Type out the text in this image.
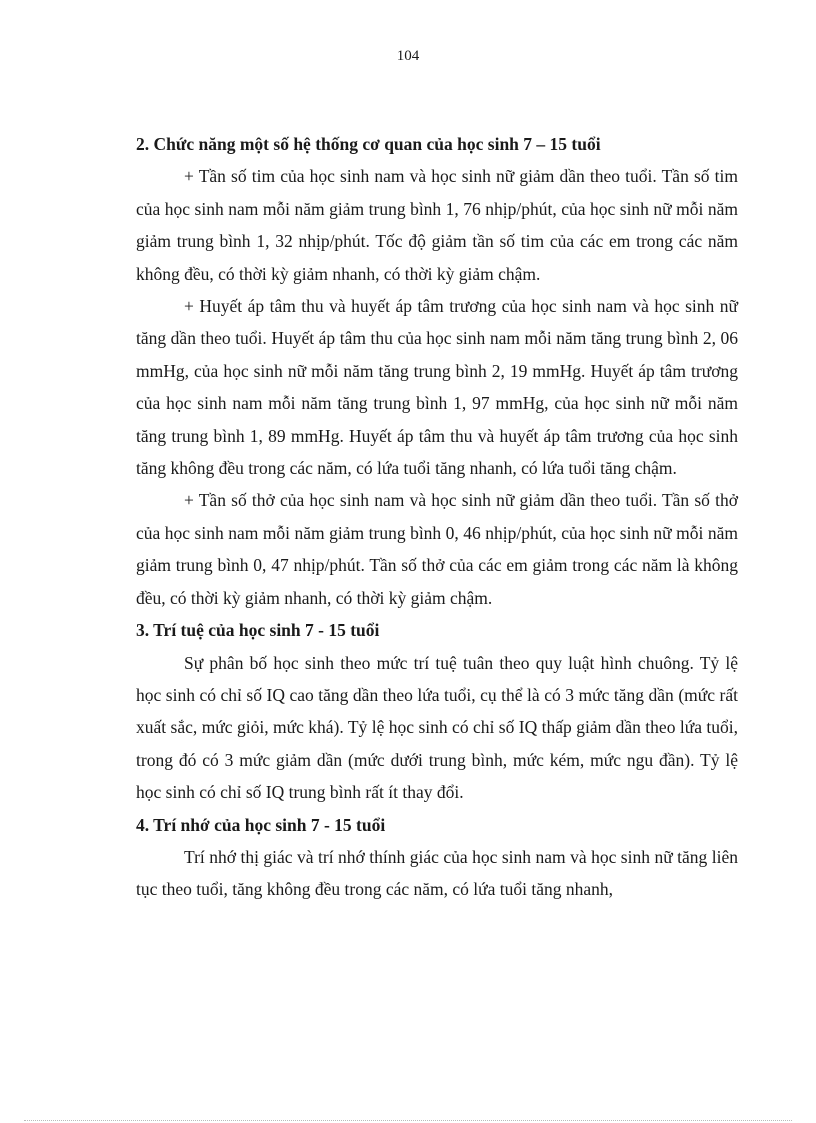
104

2. Chức năng một số hệ thống cơ quan của học sinh 7 – 15 tuổi

+ Tần số tim của học sinh nam và học sinh nữ giảm dần theo tuổi. Tần số tim của học sinh nam mỗi năm giảm trung bình 1, 76 nhịp/phút, của học sinh nữ mỗi năm giảm trung bình 1, 32 nhịp/phút. Tốc độ giảm tần số tim của các em trong các năm không đều, có thời kỳ giảm nhanh, có thời kỳ giảm chậm.

+ Huyết áp tâm thu và huyết áp tâm trương của học sinh nam và học sinh nữ tăng dần theo tuổi. Huyết áp tâm thu của học sinh nam mỗi năm tăng trung bình 2, 06 mmHg, của học sinh nữ mỗi năm tăng trung bình 2, 19 mmHg. Huyết áp tâm trương của học sinh nam mỗi năm tăng trung bình 1, 97 mmHg, của học sinh nữ mỗi năm tăng trung bình 1, 89 mmHg. Huyết áp tâm thu và huyết áp tâm trương của học sinh tăng không đều trong các năm, có lứa tuổi tăng nhanh, có lứa tuổi tăng chậm.

+ Tần số thở của học sinh nam và học sinh nữ giảm dần theo tuổi. Tần số thở của học sinh nam mỗi năm giảm trung bình 0, 46 nhịp/phút, của học sinh nữ mỗi năm giảm trung bình 0, 47 nhịp/phút. Tần số thở của các em giảm trong các năm là không đều, có thời kỳ giảm nhanh, có thời kỳ giảm chậm.

3. Trí tuệ của học sinh 7 - 15 tuổi

Sự phân bố học sinh theo mức trí tuệ tuân theo quy luật hình chuông. Tỷ lệ học sinh có chỉ số IQ cao tăng dần theo lứa tuổi, cụ thể là có 3 mức tăng dần (mức rất xuất sắc, mức giỏi, mức khá). Tỷ lệ học sinh có chỉ số IQ thấp giảm dần theo lứa tuổi, trong đó có 3 mức giảm dần (mức dưới trung bình, mức kém, mức ngu đần). Tỷ lệ học sinh có chỉ số IQ trung bình rất ít thay đổi.

4. Trí nhớ của học sinh 7 - 15 tuổi

Trí nhớ thị giác và trí nhớ thính giác của học sinh nam và học sinh nữ tăng liên tục theo tuổi, tăng không đều trong các năm, có lứa tuổi tăng nhanh,
